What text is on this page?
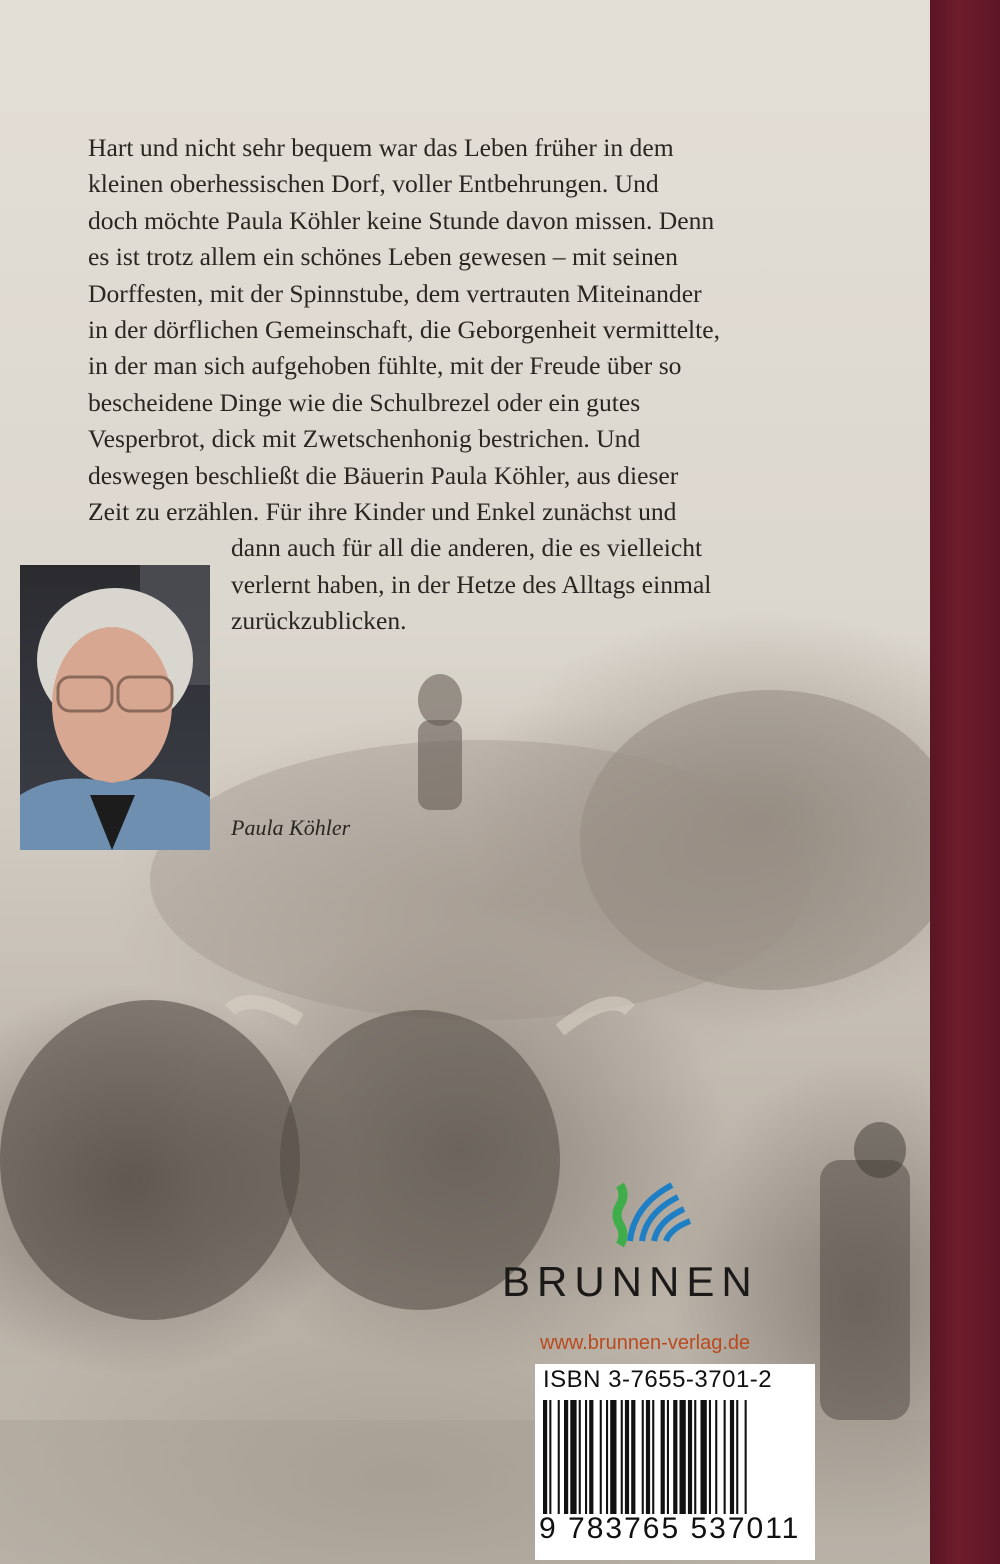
Hart und nicht sehr bequem war das Leben früher in dem
kleinen oberhessischen Dorf, voller Entbehrungen. Und
doch möchte Paula Köhler keine Stunde davon missen. Denn
es ist trotz allem ein schönes Leben gewesen – mit seinen
Dorffesten, mit der Spinnstube, dem vertrauten Miteinander
in der dörflichen Gemeinschaft, die Geborgenheit vermittelte,
in der man sich aufgehoben fühlte, mit der Freude über so
bescheidene Dinge wie die Schulbrezel oder ein gutes
Vesperbrot, dick mit Zwetschenhonig bestrichen. Und
deswegen beschließt die Bäuerin Paula Köhler, aus dieser
Zeit zu erzählen. Für ihre Kinder und Enkel zunächst und
dann auch für all die anderen, die es vielleicht
verlernt haben, in der Hetze des Alltags einmal
zurückzublicken.

Paula Köhler
BRUNNEN
www.brunnen-verlag.de
ISBN 3-7655-3701-2
9 783765 537011
